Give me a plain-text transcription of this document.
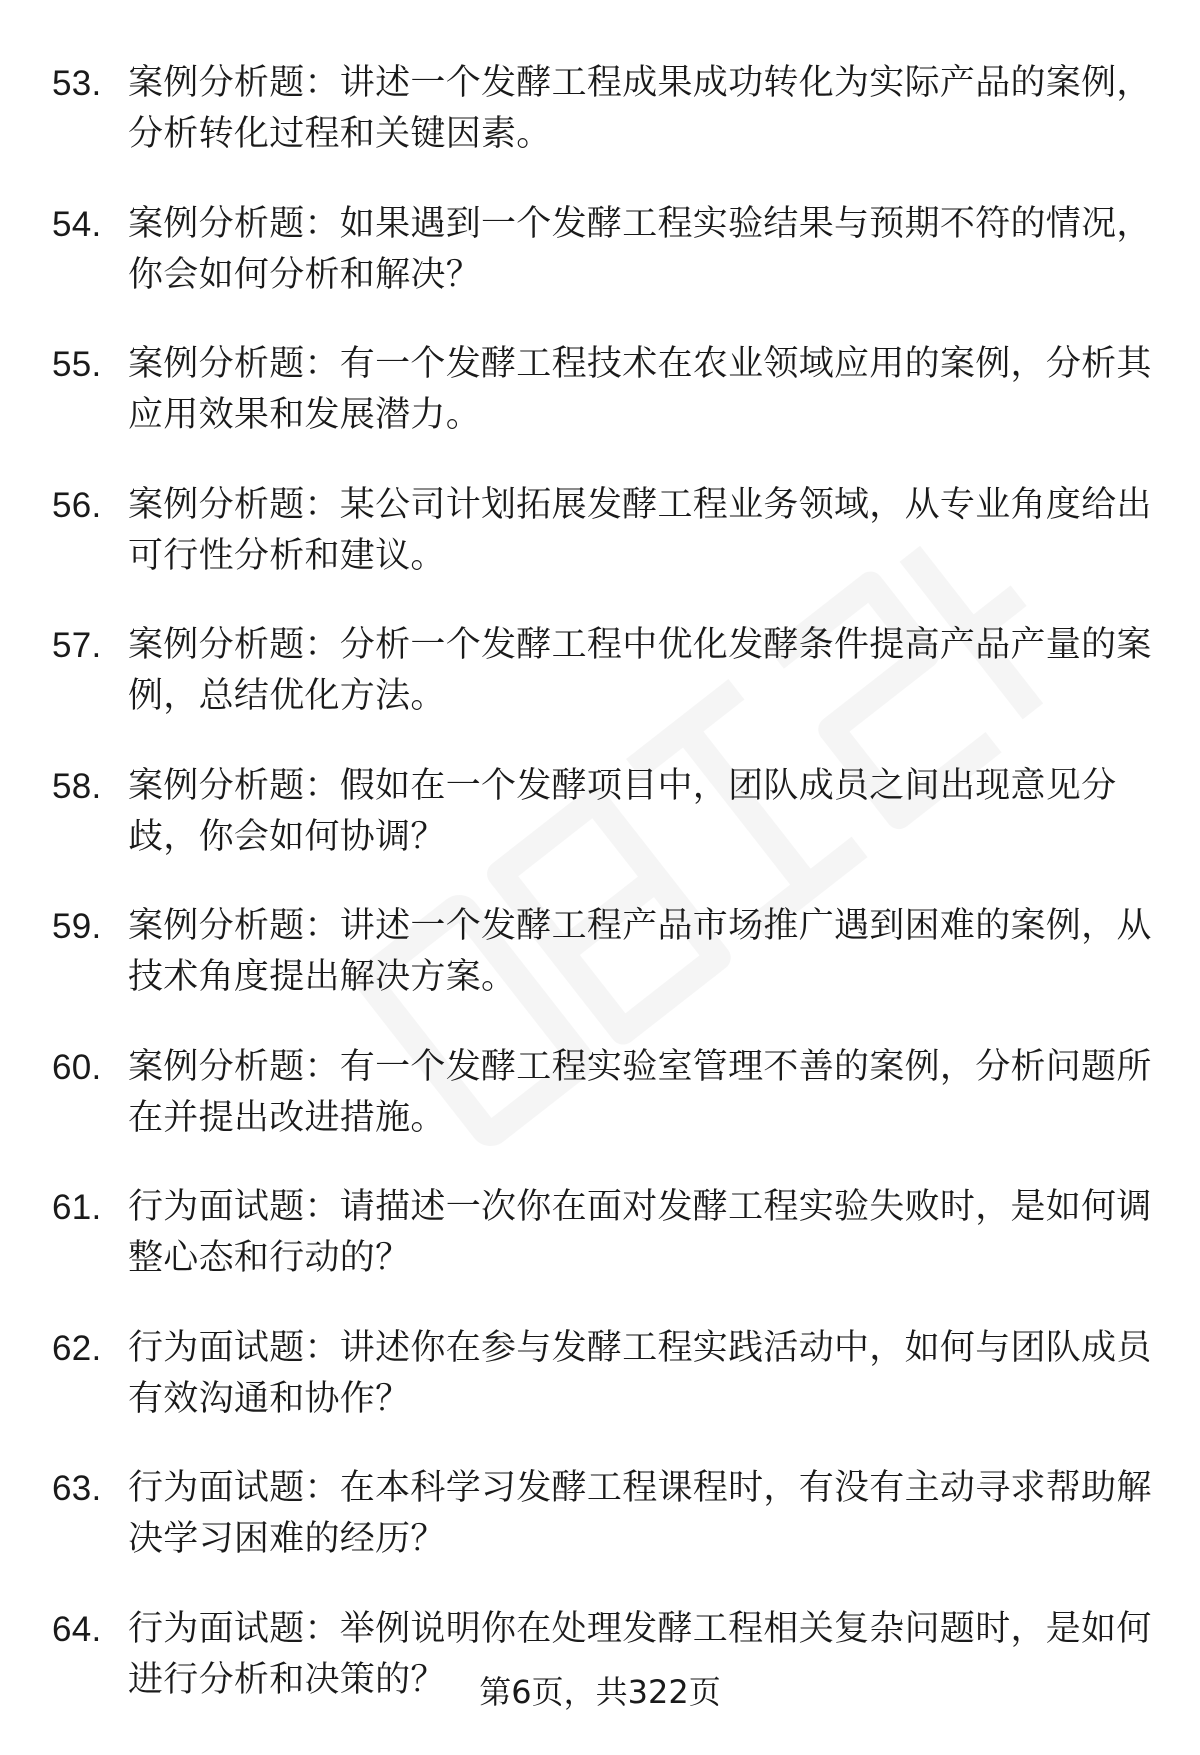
53. 案例分析题：讲述一个发酵工程成果成功转化为实际产品的案例，分析转化过程和关键因素。
54. 案例分析题：如果遇到一个发酵工程实验结果与预期不符的情况，你会如何分析和解决？
55. 案例分析题：有一个发酵工程技术在农业领域应用的案例，分析其应用效果和发展潜力。
56. 案例分析题：某公司计划拓展发酵工程业务领域，从专业角度给出可行性分析和建议。
57. 案例分析题：分析一个发酵工程中优化发酵条件提高产品产量的案例，总结优化方法。
58. 案例分析题：假如在一个发酵项目中，团队成员之间出现意见分歧，你会如何协调？
59. 案例分析题：讲述一个发酵工程产品市场推广遇到困难的案例，从技术角度提出解决方案。
60. 案例分析题：有一个发酵工程实验室管理不善的案例，分析问题所在并提出改进措施。
61. 行为面试题：请描述一次你在面对发酵工程实验失败时，是如何调整心态和行动的？
62. 行为面试题：讲述你在参与发酵工程实践活动中，如何与团队成员有效沟通和协作？
63. 行为面试题：在本科学习发酵工程课程时，有没有主动寻求帮助解决学习困难的经历？
64. 行为面试题：举例说明你在处理发酵工程相关复杂问题时，是如何进行分析和决策的？	第6页，共322页
